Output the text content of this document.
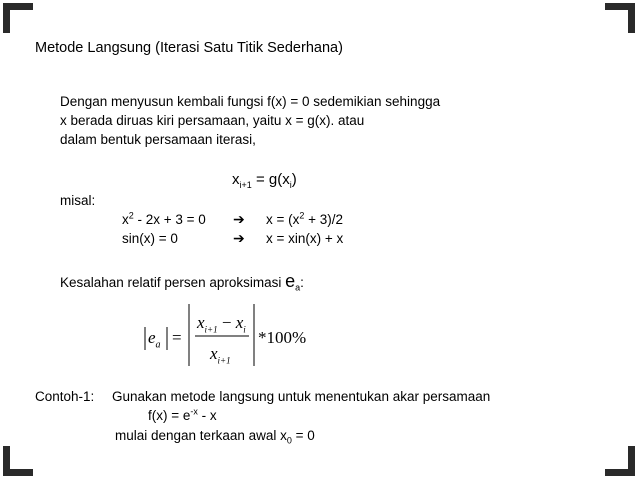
Metode Langsung (Iterasi Satu Titik Sederhana)
Dengan menyusun kembali fungsi f(x) = 0 sedemikian sehingga
x berada diruas kiri persamaan, yaitu x = g(x). atau
dalam bentuk persamaan iterasi,
$x_{i+1} = g(x_i)$
misal:
$x^2 - 2x + 3 = 0$ ➔ $x = (x^2 + 3)/2$
sin(x) = 0	➔ x = xin(x) + x
Kesalahan relatif persen aproksimasi $e_a$:
$e_a$ =
$x_{i+1} - x_i$
$x_{i+1}$
*100%
Contoh-1: Gunakan metode langsung untuk menentukan akar persamaan
$f(x) = e^{-x} - x$
mulai dengan terkaan awal $x_0 = 0$
